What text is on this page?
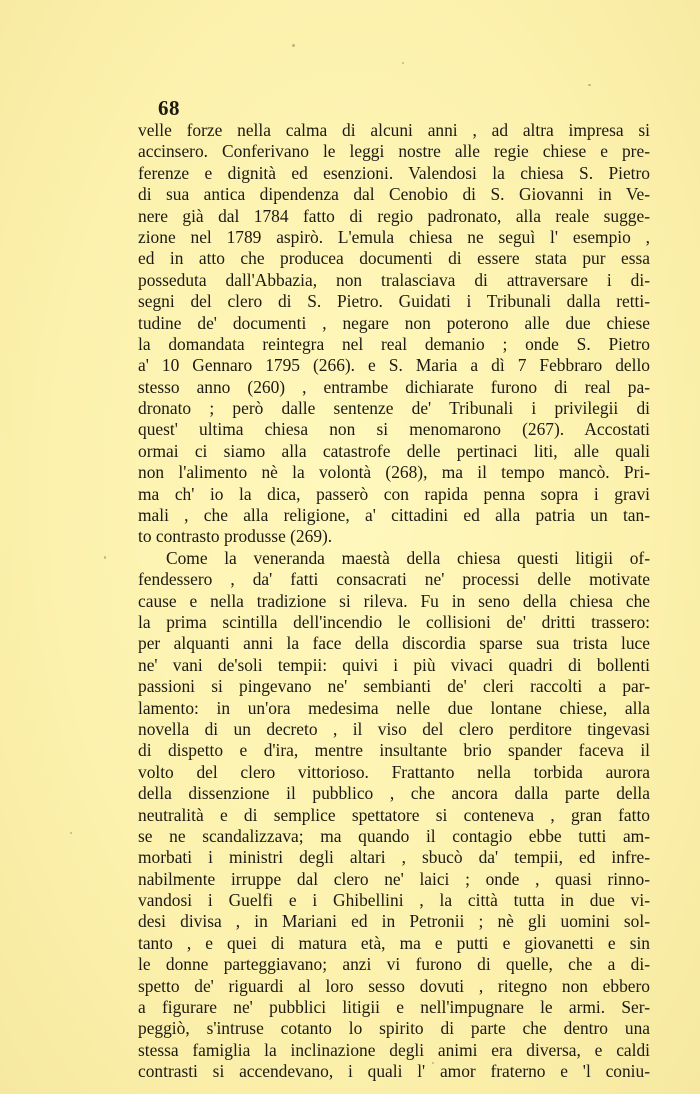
68
velle forze nella calma di alcuni anni , ad altra impresa si
accinsero. Conferivano le leggi nostre alle regie chiese e pre-
ferenze e dignità ed esenzioni. Valendosi la chiesa S. Pietro
di sua antica dipendenza dal Cenobio di S. Giovanni in Ve-
nere già dal 1784 fatto di regio padronato, alla reale sugge-
zione nel 1789 aspirò. L'emula chiesa ne seguì l' esempio ,
ed in atto che producea documenti di essere stata pur essa
posseduta dall'Abbazia, non tralasciava di attraversare i di-
segni del clero di S. Pietro. Guidati i Tribunali dalla retti-
tudine de' documenti , negare non poterono alle due chiese
la domandata reintegra nel real demanio ; onde S. Pietro
a' 10 Gennaro 1795 (266). e S. Maria a dì 7 Febbraro dello
stesso anno (260) , entrambe dichiarate furono di real pa-
dronato ; però dalle sentenze de' Tribunali i privilegii di
quest' ultima chiesa non si menomarono (267). Accostati
ormai ci siamo alla catastrofe delle pertinaci liti, alle quali
non l'alimento nè la volontà (268), ma il tempo mancò. Pri-
ma ch' io la dica, passerò con rapida penna sopra i gravi
mali , che alla religione, a' cittadini ed alla patria un tan-
to contrasto produsse (269).
Come la veneranda maestà della chiesa questi litigii of-
fendessero , da' fatti consacrati ne' processi delle motivate
cause e nella tradizione si rileva. Fu in seno della chiesa che
la prima scintilla dell'incendio le collisioni de' dritti trassero:
per alquanti anni la face della discordia sparse sua trista luce
ne' vani de'soli tempii: quivi i più vivaci quadri di bollenti
passioni si pingevano ne' sembianti de' cleri raccolti a par-
lamento: in un'ora medesima nelle due lontane chiese, alla
novella di un decreto , il viso del clero perditore tingevasi
di dispetto e d'ira, mentre insultante brio spander faceva il
volto del clero vittorioso. Frattanto nella torbida aurora
della dissenzione il pubblico , che ancora dalla parte della
neutralità e di semplice spettatore si conteneva , gran fatto
se ne scandalizzava; ma quando il contagio ebbe tutti am-
morbati i ministri degli altari , sbucò da' tempii, ed infre-
nabilmente irruppe dal clero ne' laici ; onde , quasi rinno-
vandosi i Guelfi e i Ghibellini , la città tutta in due vi-
desi divisa , in Mariani ed in Petronii ; nè gli uomini sol-
tanto , e quei di matura età, ma e putti e giovanetti e sin
le donne parteggiavano; anzi vi furono di quelle, che a di-
spetto de' riguardi al loro sesso dovuti , ritegno non ebbero
a figurare ne' pubblici litigii e nell'impugnare le armi. Ser-
peggiò, s'intruse cotanto lo spirito di parte che dentro una
stessa famiglia la inclinazione degli animi era diversa, e caldi
contrasti si accendevano, i quali l' amor fraterno e 'l coniu-
